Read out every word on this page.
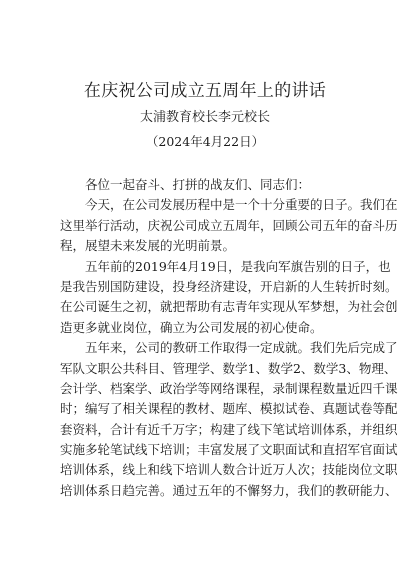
在庆祝公司成立五周年上的讲话
太浦教育校长李元校长
（2024年4月22日）
各位一起奋斗、打拼的战友们、同志们：
今天，在公司发展历程中是一个十分重要的日子。我们在
这里举行活动，庆祝公司成立五周年，回顾公司五年的奋斗历
程，展望未来发展的光明前景。
五年前的2019年4月19日，是我向军旗告别的日子，也
是我告别国防建设，投身经济建设，开启新的人生转折时刻。
在公司诞生之初，就把帮助有志青年实现从军梦想，为社会创
造更多就业岗位，确立为公司发展的初心使命。
五年来，公司的教研工作取得一定成就。我们先后完成了
军队文职公共科目、管理学、数学1、数学2、数学3、物理、
会计学、档案学、政治学等网络课程，录制课程数量近四千课
时；编写了相关课程的教材、题库、模拟试卷、真题试卷等配
套资料，合计有近千万字；构建了线下笔试培训体系，并组织
实施多轮笔试线下培训；丰富发展了文职面试和直招军官面试
培训体系，线上和线下培训人数合计近万人次；技能岗位文职
培训体系日趋完善。通过五年的不懈努力，我们的教研能力、
